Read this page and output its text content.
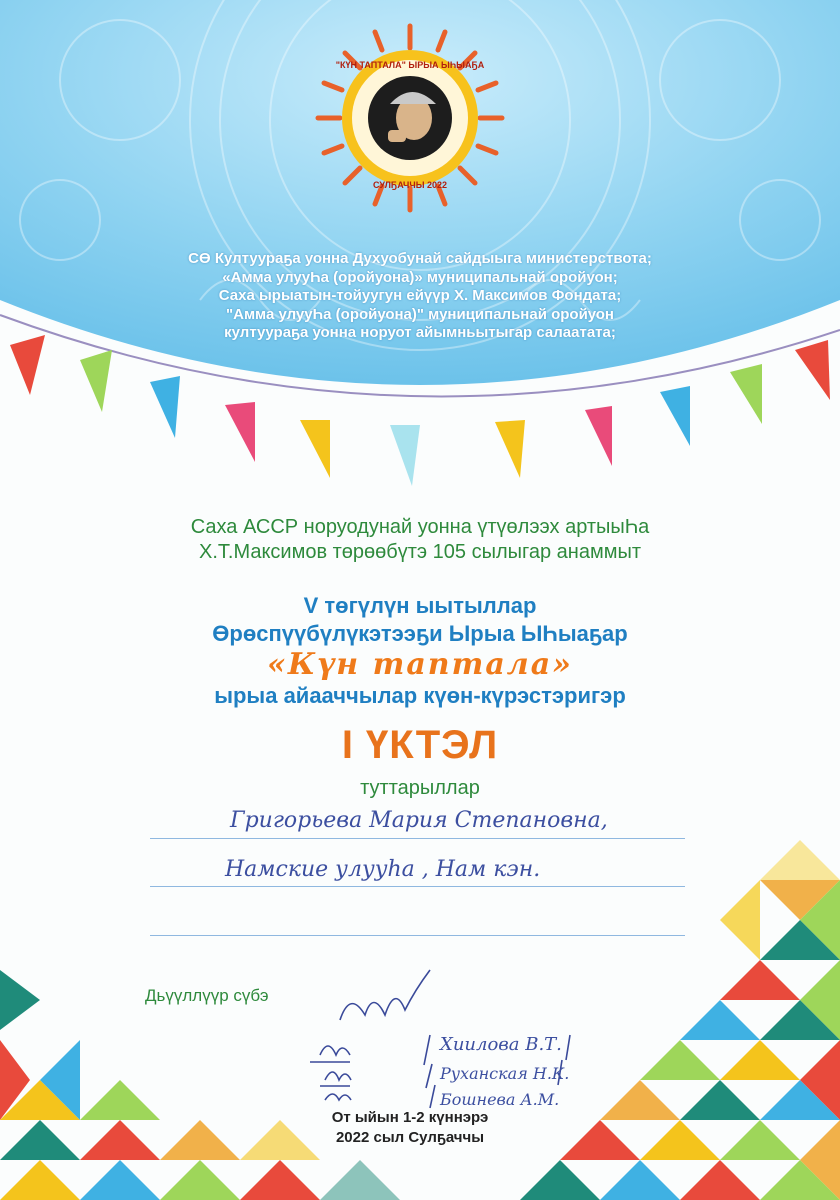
"КҮН ТАПТАЛА" ЫРЫА ЫҺЫАҔА
СУЛҔАЧЧЫ 2022
СӨ Култуураҕа уонна Духуобунай сайдыыга министерствота;
«Амма улууҺа (оройуона)» муниципальнай оройуон;
Саха ырыатын-тойуугун ейүүр Х. Максимов Фондата;
"Амма улууҺа (оройуона)" муниципальнай оройуон
култуураҕа уонна норуот айымньытыгар салаатата;
Саха АССР норуодунай уонна үтүөлээх артыыҺа
Х.Т.Максимов төрөөбүтэ 105 сылыгар анаммыт
V төгүлүн ыытыллар
Өрөспүүбүлүкэтээҕи Ырыа ЫҺыаҕар
«Күн таптала»
ырыа айааччылар күөн-күрэстэригэр
I ҮКТЭЛ
туттарыллар
Григорьева Мария Степановна,
Намские улууһа , Нам кэн.
Дьүүллүүр сүбэ
Хиилова В.Т.
Руханская Н.К.
Бошнева А.М.
От ыйын 1-2 күннэрэ
2022 сыл Сулҕаччы
